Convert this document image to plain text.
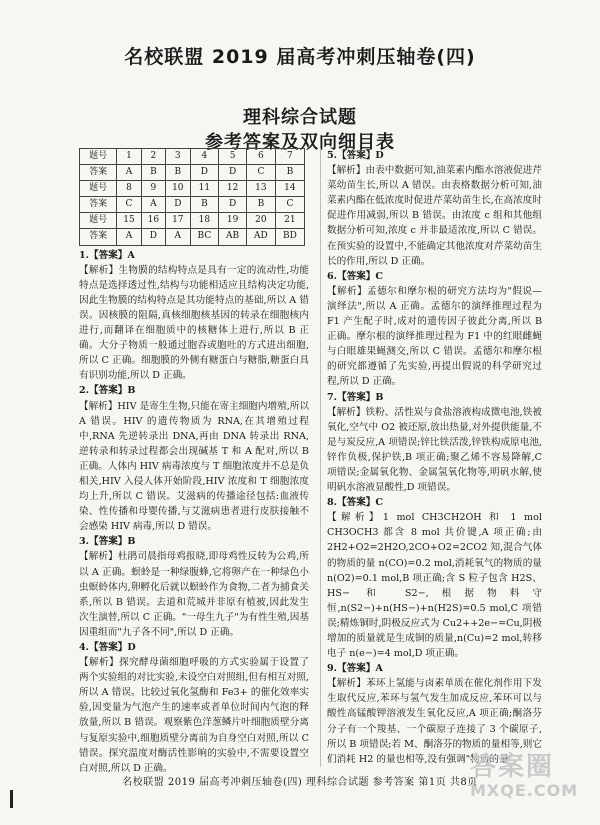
名校联盟 2019 届高考冲刺压轴卷(四)
理科综合试题
参考答案及双向细目表
题号	1	2	3	4	5	6	7
答案	A	B	B	D	D	C	B
题号	8	9	10	11	12	13	14
答案	C	A	D	B	D	B	C
题号	15	16	17	18	19	20	21
答案	A	D	A	BC	AB	AD	BD

1.【答案】A

【解析】生物膜的结构特点是具有一定的流动性,功能特点是选择透过性,结构与功能相适应且结构决定功能,因此生物膜的结构特点是其功能特点的基础,所以 A 错误。因核膜的阻隔,真核细胞核基因的转录在细胞核内进行,而翻译在细胞质中的核糖体上进行,所以 B 正确。大分子物质一般通过胞吞或胞吐的方式进出细胞,所以 C 正确。细胞膜的外侧有糖蛋白与糖脂,糖蛋白具有识别功能,所以 D 正确。

2.【答案】B

【解析】HIV 是寄生生物,只能在寄主细胞内增殖,所以 A 错误。HIV 的遗传物质为 RNA,在其增殖过程中,RNA 先逆转录出 DNA,再由 DNA 转录出 RNA,逆转录和转录过程都会出现碱基 T 和 A 配对,所以 B 正确。人体内 HIV 病毒浓度与 T 细胞浓度并不总是负相关,HIV 入侵人体开始阶段,HIV 浓度和 T 细胞浓度均上升,所以 C 错误。艾滋病的传播途径包括:血液传染、性传播和母婴传播,与艾滋病患者进行皮肤接触不会感染 HIV 病毒,所以 D 错误。

3.【答案】B

【解析】杜鹃司晨指母鸡报晓,即母鸡性反转为公鸡,所以 A 正确。螟蛉是一种绿腹蜂,它将卵产在一种绿色小虫螟蛉体内,卵孵化后就以螟蛉作为食物,二者为捕食关系,所以 B 错误。去道和荒城并非原有植被,因此发生次生演替,所以 C 正确。"一母生九子"为有性生殖,因基因重组而"九子各不同",所以 D 正确。

4.【答案】D

【解析】探究酵母菌细胞呼吸的方式实验属于设置了两个实验组的对比实验,未设空白对照组,但有相互对照,所以 A 错误。比较过氧化氢酶和 Fe3+ 的催化效率实验,因变量为气泡产生的速率或者单位时间内气泡的释放量,所以 B 错误。观察紫色洋葱鳞片叶细胞质壁分离与复原实验中,细胞质壁分离前为自身空白对照,所以 C 错误。探究温度对酶活性影响的实验中,不需要设置空白对照,所以 D 正确。

5.【答案】D

【解析】由表中数据可知,油菜素内酯水溶液促进芹菜幼苗生长,所以 A 错误。由表格数据分析可知,油菜素内酯在低浓度时促进芹菜幼苗生长,在高浓度时促进作用减弱,所以 B 错误。由浓度 c 组和其他组数据分析可知,浓度 c 并非最适浓度,所以 C 错误。在预实验的设置中,不能确定其他浓度对芹菜幼苗生长的作用,所以 D 正确。

6.【答案】C

【解析】孟德尔和摩尔根的研究方法均为"假说—演绎法",所以 A 正确。孟德尔的演绎推理过程为 F1 产生配子时,成对的遗传因子彼此分离,所以 B 正确。摩尔根的演绎推理过程为 F1 中的红眼雌蝇与白眼雄果蝇测交,所以 C 错误。孟德尔和摩尔根的研究都遵循了先实验,再提出假说的科学研究过程,所以 D 正确。

7.【答案】B

【解析】铁粉、活性炭与食盐溶液构成微电池,铁被氧化,空气中 O2 被还原,放出热量,对外提供能量,不是与炭反应,A 项错误;锌比铁活泼,锌铁构成原电池,锌作负极,保护铁,B 项正确;聚乙烯不容易降解,C 项错误;金属氧化物、金属氢氧化物等,明矾水解,使明矾水溶液显酸性,D 项错误。

8.【答案】C

【解析】1 mol CH3CH2OH 和 1 mol CH3OCH3 都含 8 mol 共价键,A 项正确;由 2H2+O2=2H2O,2CO+O2=2CO2 知,混合气体的物质的量 n(CO)=0.2 mol,消耗氧气的物质的量 n(O2)=0.1 mol,B 项正确;含 S 粒子包含 H2S、HS− 和 S2−,根据物料守恒,n(S2−)+n(HS−)+n(H2S)=0.5 mol,C 项错误;精炼铜时,阴极反应式为 Cu2++2e−=Cu,阴极增加的质量就是生成铜的质量,n(Cu)=2 mol,转移电子 n(e−)=4 mol,D 项正确。

9.【答案】A

【解析】苯环上氢能与卤素单质在催化剂作用下发生取代反应,苯环与氢气发生加成反应,苯环可以与酸性高锰酸钾溶液发生氧化反应,A 项正确;酮洛芬分子有一个羧基、一个碳原子连接了 3 个碳原子,所以 B 项错误;若 M、酮洛芬的物质的量相等,则它们消耗 H2 的量也相等,没有强调"物质的量

名校联盟 2019 届高考冲刺压轴卷(四) 理科综合试题 参考答案 第1页 共8页
答案圈
MXQE.COM
